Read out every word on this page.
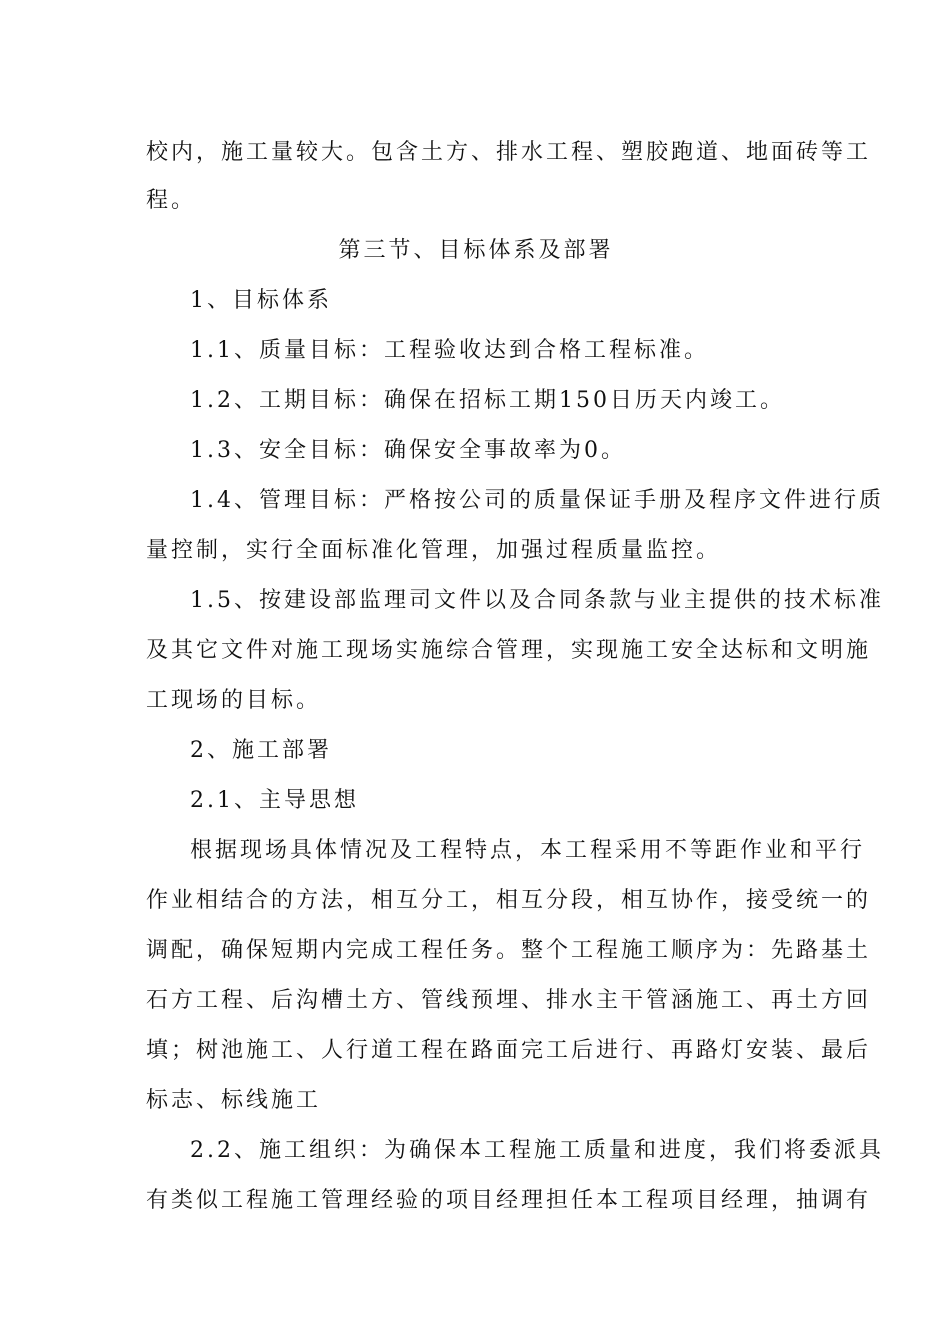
校内，施工量较大。包含土方、排水工程、塑胶跑道、地面砖等工
程。
第三节、目标体系及部署
1、目标体系
1.1、质量目标：工程验收达到合格工程标准。
1.2、工期目标：确保在招标工期150日历天内竣工。
1.3、安全目标：确保安全事故率为0。
1.4、管理目标：严格按公司的质量保证手册及程序文件进行质
量控制，实行全面标准化管理，加强过程质量监控。
1.5、按建设部监理司文件以及合同条款与业主提供的技术标准
及其它文件对施工现场实施综合管理，实现施工安全达标和文明施
工现场的目标。
2、施工部署
2.1、主导思想
根据现场具体情况及工程特点，本工程采用不等距作业和平行
作业相结合的方法，相互分工，相互分段，相互协作，接受统一的
调配，确保短期内完成工程任务。整个工程施工顺序为：先路基土
石方工程、后沟槽土方、管线预埋、排水主干管涵施工、再土方回
填；树池施工、人行道工程在路面完工后进行、再路灯安装、最后
标志、标线施工
2.2、施工组织：为确保本工程施工质量和进度，我们将委派具
有类似工程施工管理经验的项目经理担任本工程项目经理，抽调有
